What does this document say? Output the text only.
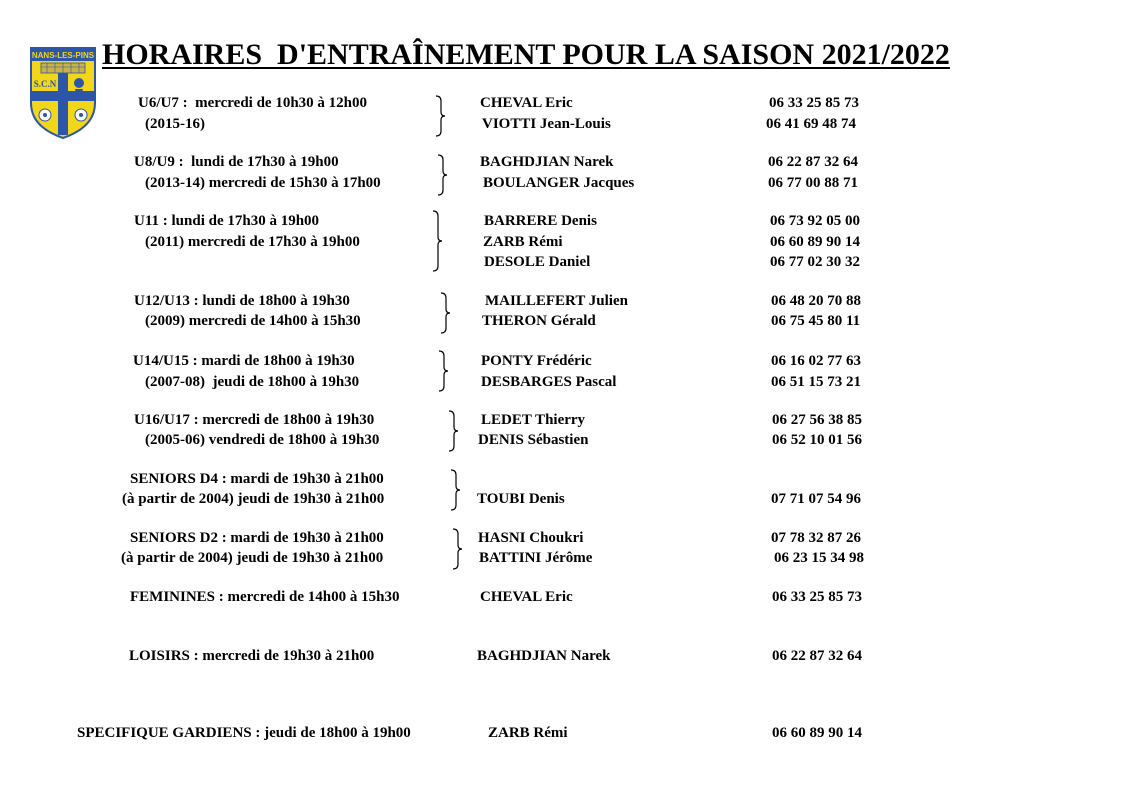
NANS-LES-PINS
S.C.N
HORAIRES  D'ENTRAÎNEMENT POUR LA SAISON 2021/2022
U6/U7 :  mercredi de 10h30 à 12h00
(2015-16)
CHEVAL Eric	06 33 25 85 73
VIOTTI Jean-Louis	06 41 69 48 74
U8/U9 :  lundi de 17h30 à 19h00
(2013-14) mercredi de 15h30 à 17h00
BAGHDJIAN Narek	06 22 87 32 64
BOULANGER Jacques	06 77 00 88 71
U11 : lundi de 17h30 à 19h00
(2011) mercredi de 17h30 à 19h00
BARRERE Denis	06 73 92 05 00
ZARB Rémi	06 60 89 90 14
DESOLE Daniel	06 77 02 30 32
U12/U13 : lundi de 18h00 à 19h30
(2009) mercredi de 14h00 à 15h30
MAILLEFERT Julien	06 48 20 70 88
THERON Gérald	06 75 45 80 11
U14/U15 : mardi de 18h00 à 19h30
(2007-08)  jeudi de 18h00 à 19h30
PONTY Frédéric	06 16 02 77 63
DESBARGES Pascal	06 51 15 73 21
U16/U17 : mercredi de 18h00 à 19h30
(2005-06) vendredi de 18h00 à 19h30
LEDET Thierry	06 27 56 38 85
DENIS Sébastien	06 52 10 01 56
SENIORS D4 : mardi de 19h30 à 21h00
(à partir de 2004) jeudi de 19h30 à 21h00	TOUBI Denis	07 71 07 54 96
SENIORS D2 : mardi de 19h30 à 21h00
(à partir de 2004) jeudi de 19h30 à 21h00
HASNI Choukri	07 78 32 87 26
BATTINI Jérôme	06 23 15 34 98
FEMININES : mercredi de 14h00 à 15h30	CHEVAL Eric	06 33 25 85 73
LOISIRS : mercredi de 19h30 à 21h00	BAGHDJIAN Narek	06 22 87 32 64
SPECIFIQUE GARDIENS : jeudi de 18h00 à 19h00	ZARB Rémi	06 60 89 90 14
